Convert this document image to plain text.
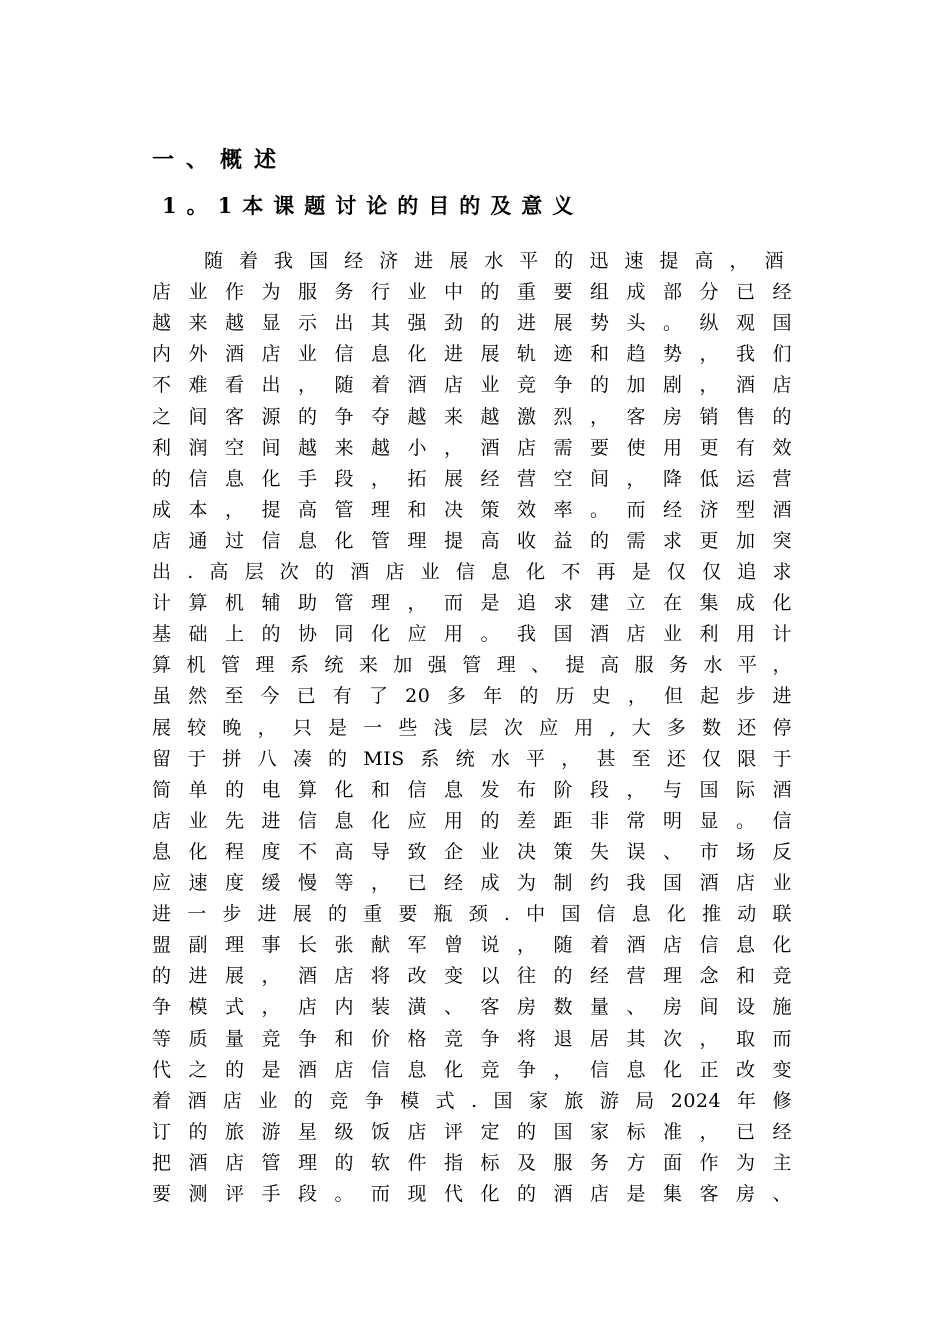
一、概述
1。1本课题讨论的目的及意义
随着我国经济进展水平的迅速提高，酒
店业作为服务行业中的重要组成部分已经
越来越显示出其强劲的进展势头。纵观国
内外酒店业信息化进展轨迹和趋势，我们
不难看出，随着酒店业竞争的加剧，酒店
之间客源的争夺越来越激烈，客房销售的
利润空间越来越小，酒店需要使用更有效
的信息化手段，拓展经营空间，降低运营
成本，提高管理和决策效率。而经济型酒
店通过信息化管理提高收益的需求更加突
出.高层次的酒店业信息化不再是仅仅追求
计算机辅助管理，而是追求建立在集成化
基础上的协同化应用。我国酒店业利用计
算机管理系统来加强管理、提高服务水平，
虽然至今已有了20多年的历史，但起步进
展较晚，只是一些浅层次应用,大多数还停
留于拼八凑的MIS系统水平，甚至还仅限于
简单的电算化和信息发布阶段，与国际酒
店业先进信息化应用的差距非常明显。信
息化程度不高导致企业决策失误、市场反
应速度缓慢等，已经成为制约我国酒店业
进一步进展的重要瓶颈.中国信息化推动联
盟副理事长张献军曾说，随着酒店信息化
的进展，酒店将改变以往的经营理念和竞
争模式，店内装潢、客房数量、房间设施
等质量竞争和价格竞争将退居其次，取而
代之的是酒店信息化竞争，信息化正改变
着酒店业的竞争模式.国家旅游局2024年修
订的旅游星级饭店评定的国家标准，已经
把酒店管理的软件指标及服务方面作为主
要测评手段。而现代化的酒店是集客房、
